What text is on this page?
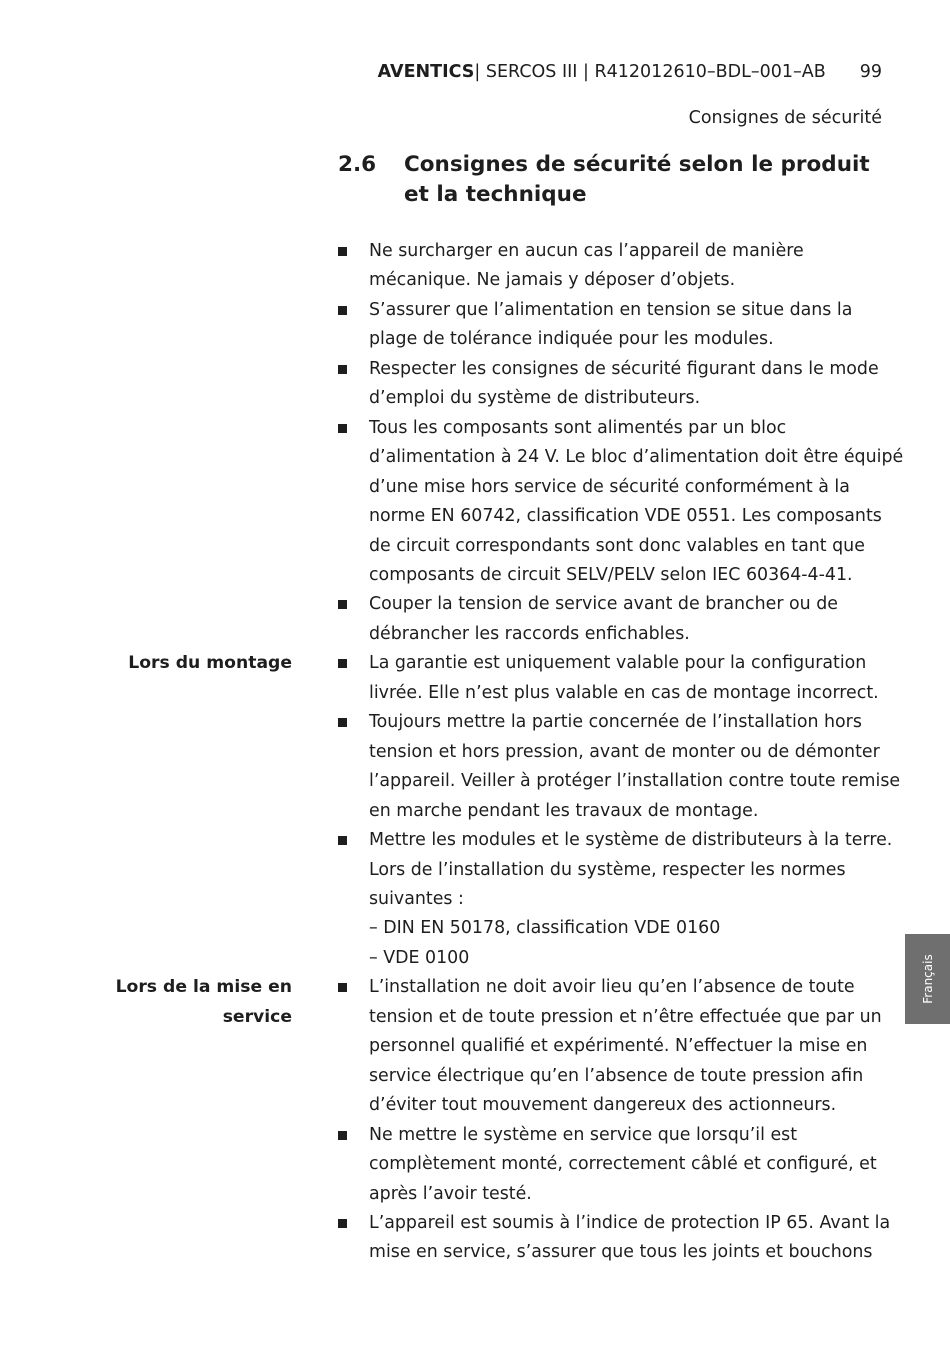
AVENTICS | SERCOS III | R412012610–BDL–001–AB 99
Consignes de sécurité
2.6	Consignes de sécurité selon le produit et la technique
Ne surcharger en aucun cas l’appareil de manière
mécanique. Ne jamais y déposer d’objets.
S’assurer que l’alimentation en tension se situe dans la
plage de tolérance indiquée pour les modules.
Respecter les consignes de sécurité figurant dans le mode
d’emploi du système de distributeurs.
Tous les composants sont alimentés par un bloc
d’alimentation à 24 V. Le bloc d’alimentation doit être équipé
d’une mise hors service de sécurité conformément à la
norme EN 60742, classification VDE 0551. Les composants
de circuit correspondants sont donc valables en tant que
composants de circuit SELV/PELV selon IEC 60364-4-41.
Couper la tension de service avant de brancher ou de
débrancher les raccords enfichables.
Lors du montage	La garantie est uniquement valable pour la configuration
livrée. Elle n’est plus valable en cas de montage incorrect.
Toujours mettre la partie concernée de l’installation hors
tension et hors pression, avant de monter ou de démonter
l’appareil. Veiller à protéger l’installation contre toute remise
en marche pendant les travaux de montage.
Mettre les modules et le système de distributeurs à la terre.
Lors de l’installation du système, respecter les normes
suivantes :
– DIN EN 50178, classification VDE 0160
– VDE 0100
Lors de la mise en
service
L’installation ne doit avoir lieu qu’en l’absence de toute
tension et de toute pression et n’être effectuée que par un
personnel qualifié et expérimenté. N’effectuer la mise en
service électrique qu’en l’absence de toute pression afin
d’éviter tout mouvement dangereux des actionneurs.
Ne mettre le système en service que lorsqu’il est
complètement monté, correctement câblé et configuré, et
après l’avoir testé.
L’appareil est soumis à l’indice de protection IP 65. Avant la
mise en service, s’assurer que tous les joints et bouchons
Français
